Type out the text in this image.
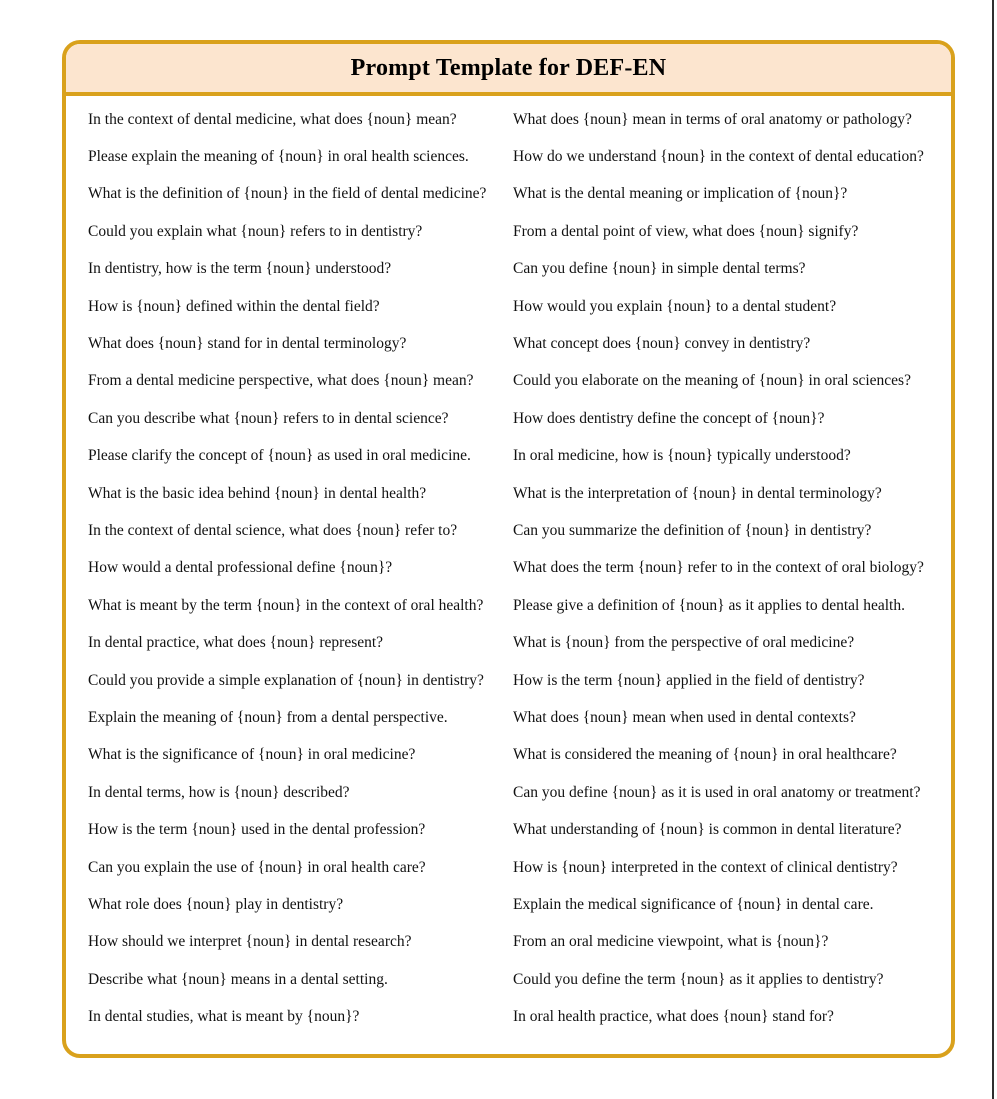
Prompt Template for DEF-EN
In the context of dental medicine, what does {noun} mean?
Please explain the meaning of {noun} in oral health sciences.
What is the definition of {noun} in the field of dental medicine?
Could you explain what {noun} refers to in dentistry?
In dentistry, how is the term {noun} understood?
How is {noun} defined within the dental field?
What does {noun} stand for in dental terminology?
From a dental medicine perspective, what does {noun} mean?
Can you describe what {noun} refers to in dental science?
Please clarify the concept of {noun} as used in oral medicine.
What is the basic idea behind {noun} in dental health?
In the context of dental science, what does {noun} refer to?
How would a dental professional define {noun}?
What is meant by the term {noun} in the context of oral health?
In dental practice, what does {noun} represent?
Could you provide a simple explanation of {noun} in dentistry?
Explain the meaning of {noun} from a dental perspective.
What is the significance of {noun} in oral medicine?
In dental terms, how is {noun} described?
How is the term {noun} used in the dental profession?
Can you explain the use of {noun} in oral health care?
What role does {noun} play in dentistry?
How should we interpret {noun} in dental research?
Describe what {noun} means in a dental setting.
In dental studies, what is meant by {noun}?
What does {noun} mean in terms of oral anatomy or pathology?
How do we understand {noun} in the context of dental education?
What is the dental meaning or implication of {noun}?
From a dental point of view, what does {noun} signify?
Can you define {noun} in simple dental terms?
How would you explain {noun} to a dental student?
What concept does {noun} convey in dentistry?
Could you elaborate on the meaning of {noun} in oral sciences?
How does dentistry define the concept of {noun}?
In oral medicine, how is {noun} typically understood?
What is the interpretation of {noun} in dental terminology?
Can you summarize the definition of {noun} in dentistry?
What does the term {noun} refer to in the context of oral biology?
Please give a definition of {noun} as it applies to dental health.
What is {noun} from the perspective of oral medicine?
How is the term {noun} applied in the field of dentistry?
What does {noun} mean when used in dental contexts?
What is considered the meaning of {noun} in oral healthcare?
Can you define {noun} as it is used in oral anatomy or treatment?
What understanding of {noun} is common in dental literature?
How is {noun} interpreted in the context of clinical dentistry?
Explain the medical significance of {noun} in dental care.
From an oral medicine viewpoint, what is {noun}?
Could you define the term {noun} as it applies to dentistry?
In oral health practice, what does {noun} stand for?
